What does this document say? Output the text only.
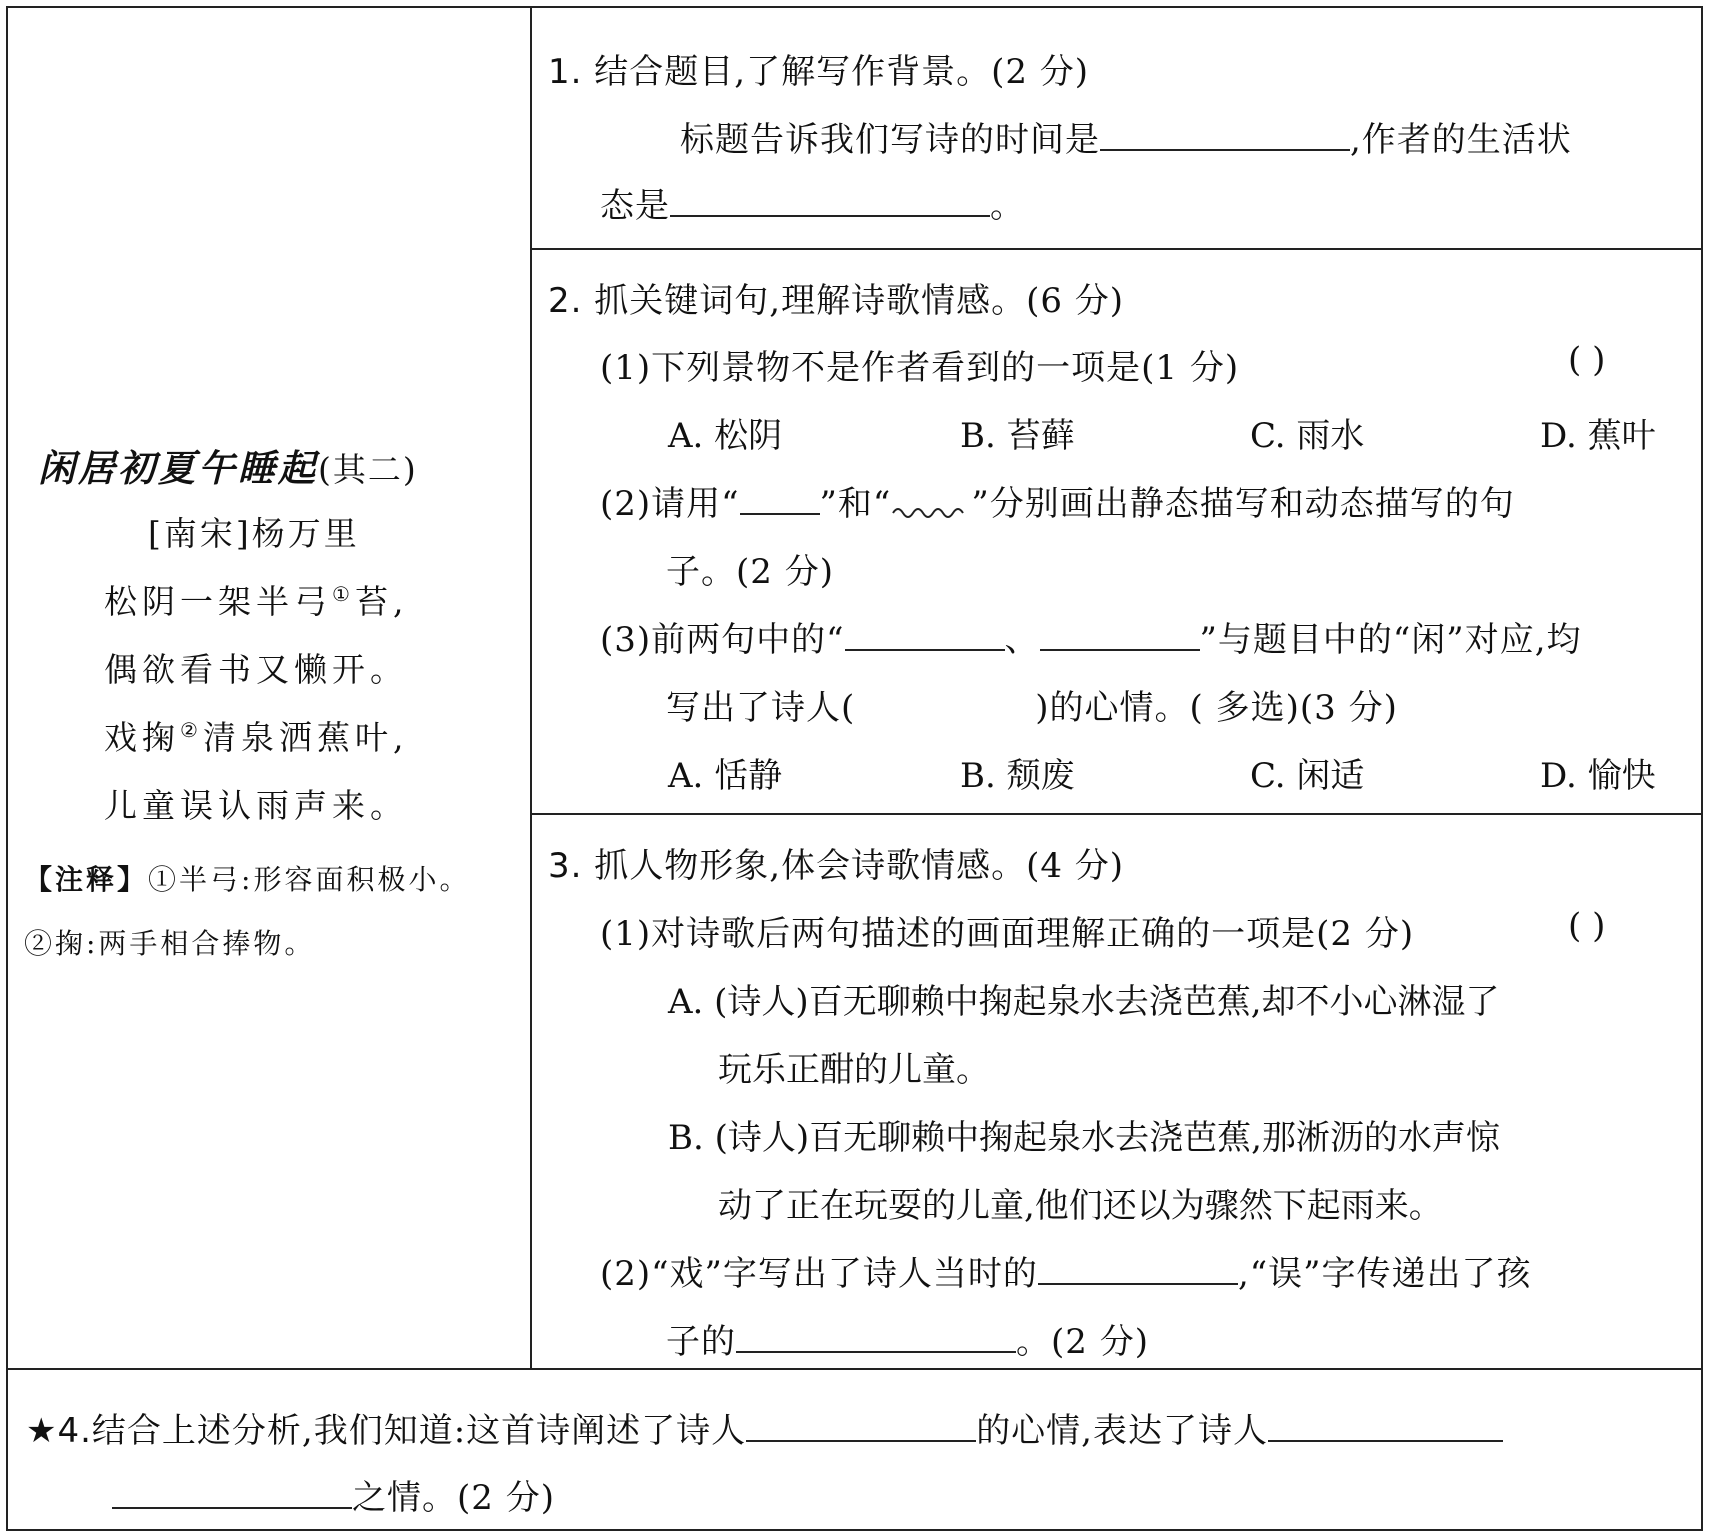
闲居初夏午睡起(其二)
[南宋]杨万里
松阴一架半弓①苔,
偶欲看书又懒开。
戏掬②清泉洒蕉叶,
儿童误认雨声来。
【注释】①半弓:形容面积极小。
②掬:两手相合捧物。
1. 结合题目,了解写作背景。(2 分)
标题告诉我们写诗的时间是	,作者的生活状
态是	。
2. 抓关键词句,理解诗歌情感。(6 分)
(1)下列景物不是作者看到的一项是(1 分)	( )
A. 松阴	B. 苔藓	C. 雨水	D. 蕉叶
(2)请用“ ”和“ ”分别画出静态描写和动态描写的句
子。(2 分)
(3)前两句中的“	、	”与题目中的“闲”对应,均
写出了诗人(	)的心情。( 多选)(3 分)
A. 恬静	B. 颓废	C. 闲适	D. 愉快
3. 抓人物形象,体会诗歌情感。(4 分)
(1)对诗歌后两句描述的画面理解正确的一项是(2 分)	( )
A. (诗人)百无聊赖中掬起泉水去浇芭蕉,却不小心淋湿了
玩乐正酣的儿童。
B. (诗人)百无聊赖中掬起泉水去浇芭蕉,那淅沥的水声惊
动了正在玩耍的儿童,他们还以为骤然下起雨来。
(2)“戏”字写出了诗人当时的	,“误”字传递出了孩
子的	。(2 分)
★4.结合上述分析,我们知道:这首诗阐述了诗人	的心情,表达了诗人
之情。(2 分)
